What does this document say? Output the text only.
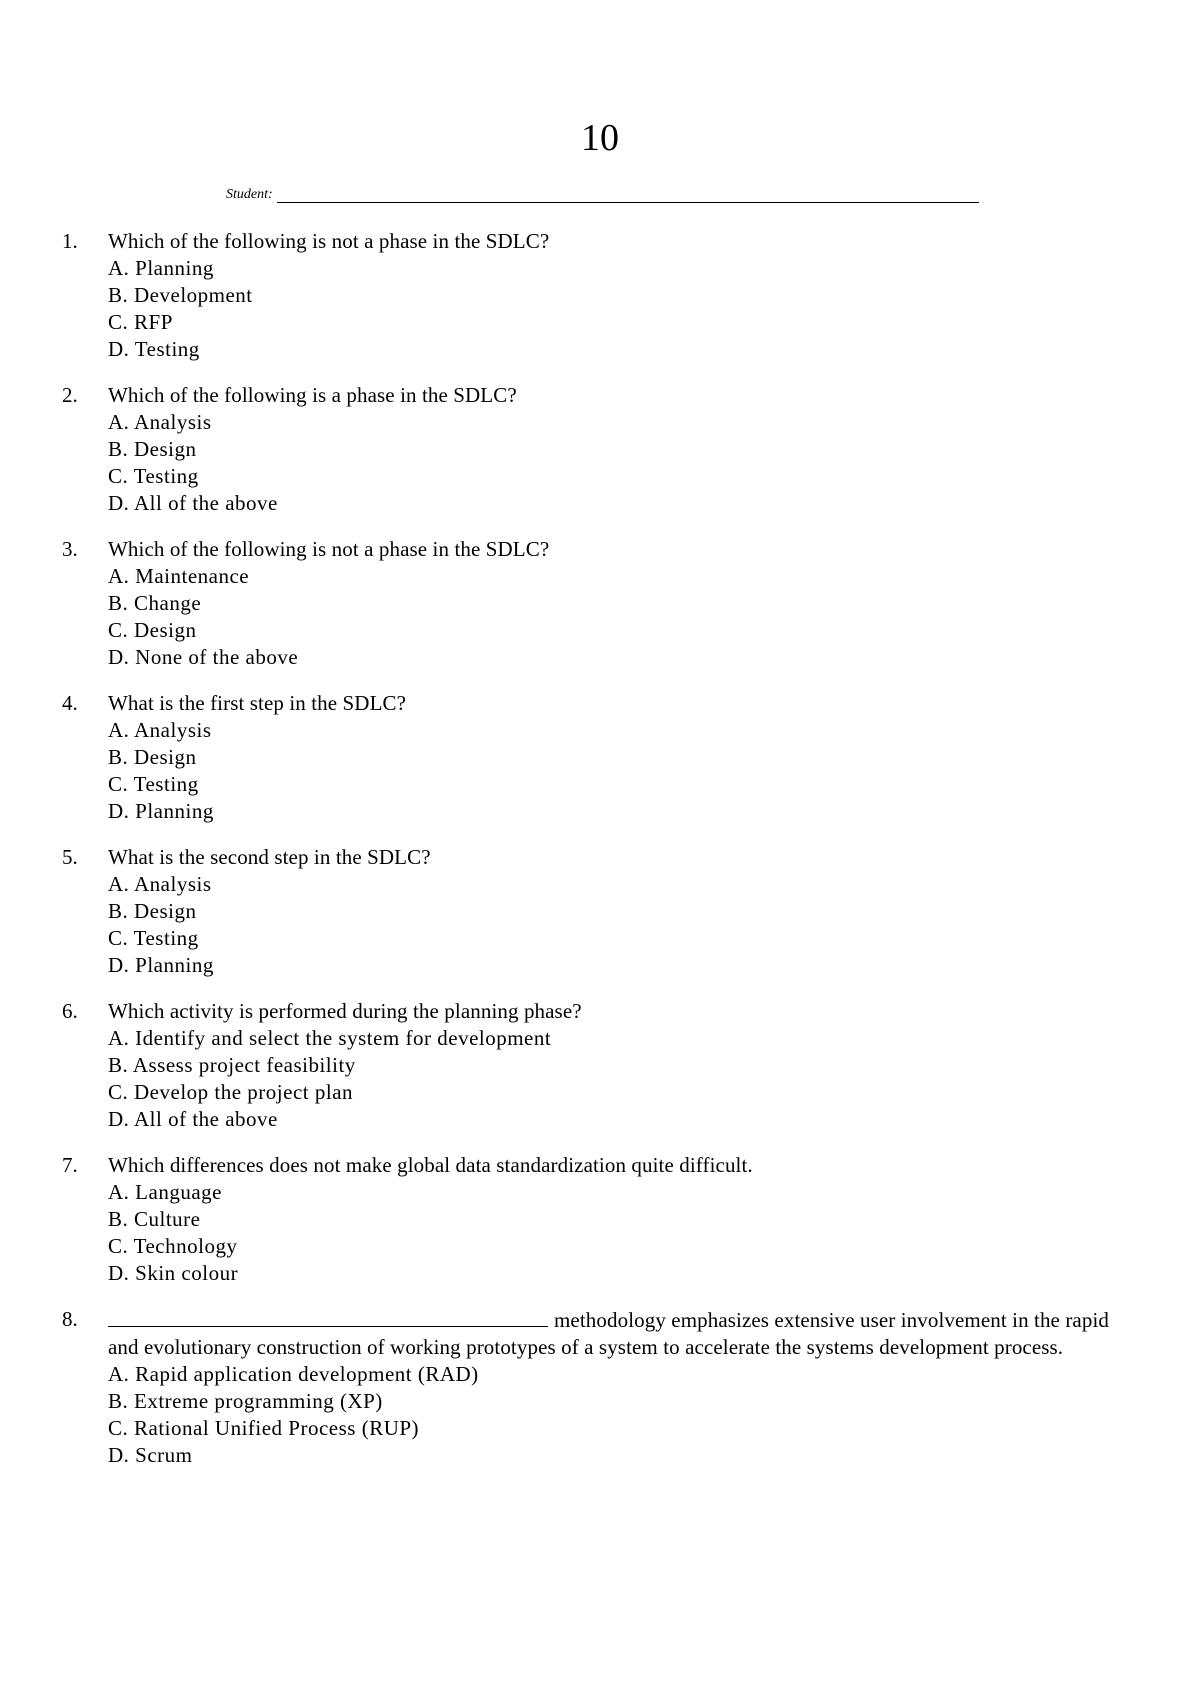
10
Student:
1.	Which of the following is not a phase in the SDLC?
A. Planning
B. Development
C. RFP
D. Testing
2.	Which of the following is a phase in the SDLC?
A. Analysis
B. Design
C. Testing
D. All of the above
3.	Which of the following is not a phase in the SDLC?
A. Maintenance
B. Change
C. Design
D. None of the above
4.	What is the first step in the SDLC?
A. Analysis
B. Design
C. Testing
D. Planning
5.	What is the second step in the SDLC?
A. Analysis
B. Design
C. Testing
D. Planning
6.	Which activity is performed during the planning phase?
A. Identify and select the system for development
B. Assess project feasibility
C. Develop the project plan
D. All of the above
7.	Which differences does not make global data standardization quite difficult.
A. Language
B. Culture
C. Technology
D. Skin colour
8.	methodology emphasizes extensive user involvement in the rapid and evolutionary construction of working prototypes of a system to accelerate the systems development process.
A. Rapid application development (RAD)
B. Extreme programming (XP)
C. Rational Unified Process (RUP)
D. Scrum
